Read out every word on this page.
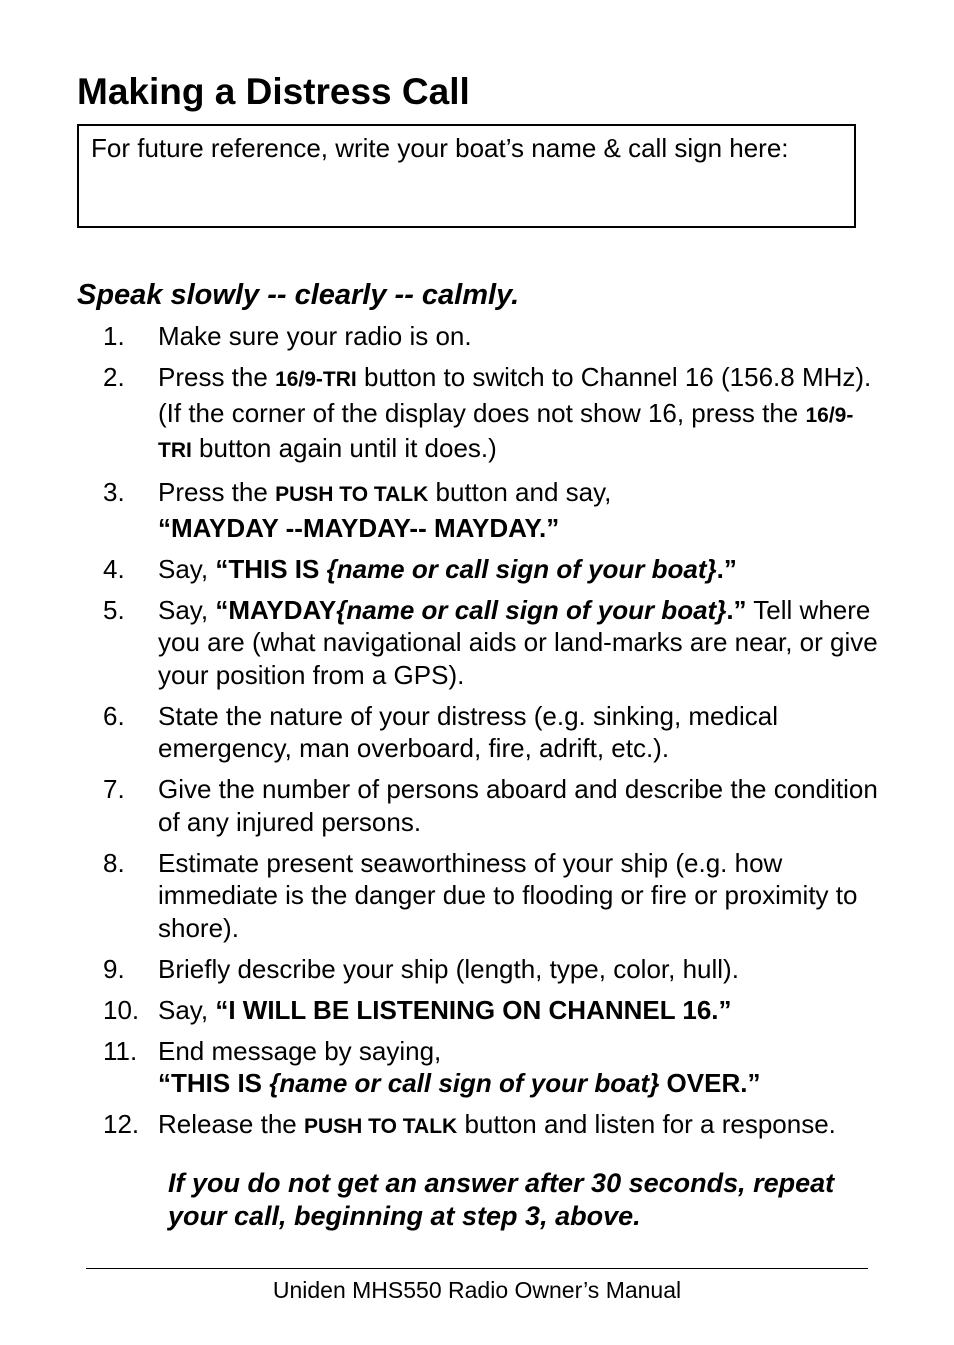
Making a Distress Call
For future reference, write your boat’s name & call sign here:
Speak slowly -- clearly -- calmly.
1. Make sure your radio is on.
2. Press the 16/9-TRI button to switch to Channel 16 (156.8 MHz). (If the corner of the display does not show 16, press the 16/9-TRI button again until it does.)
3. Press the PUSH TO TALK button and say,
“MAYDAY --MAYDAY-- MAYDAY.”
4. Say, “THIS IS {name or call sign of your boat}.”
5. Say, “MAYDAY{name or call sign of your boat}.” Tell where you are (what navigational aids or land-marks are near, or give your position from a GPS).
6. State the nature of your distress (e.g. sinking, medical emergency, man overboard, fire, adrift, etc.).
7. Give the number of persons aboard and describe the condition of any injured persons.
8. Estimate present seaworthiness of your ship (e.g. how immediate is the danger due to flooding or fire or proximity to shore).
9. Briefly describe your ship (length, type, color, hull).
10. Say, “I WILL BE LISTENING ON CHANNEL 16.”
11. End message by saying,
“THIS IS {name or call sign of your boat} OVER.”
12. Release the PUSH TO TALK button and listen for a response.
If you do not get an answer after 30 seconds, repeat your call, beginning at step 3, above.
Uniden MHS550 Radio Owner’s Manual
